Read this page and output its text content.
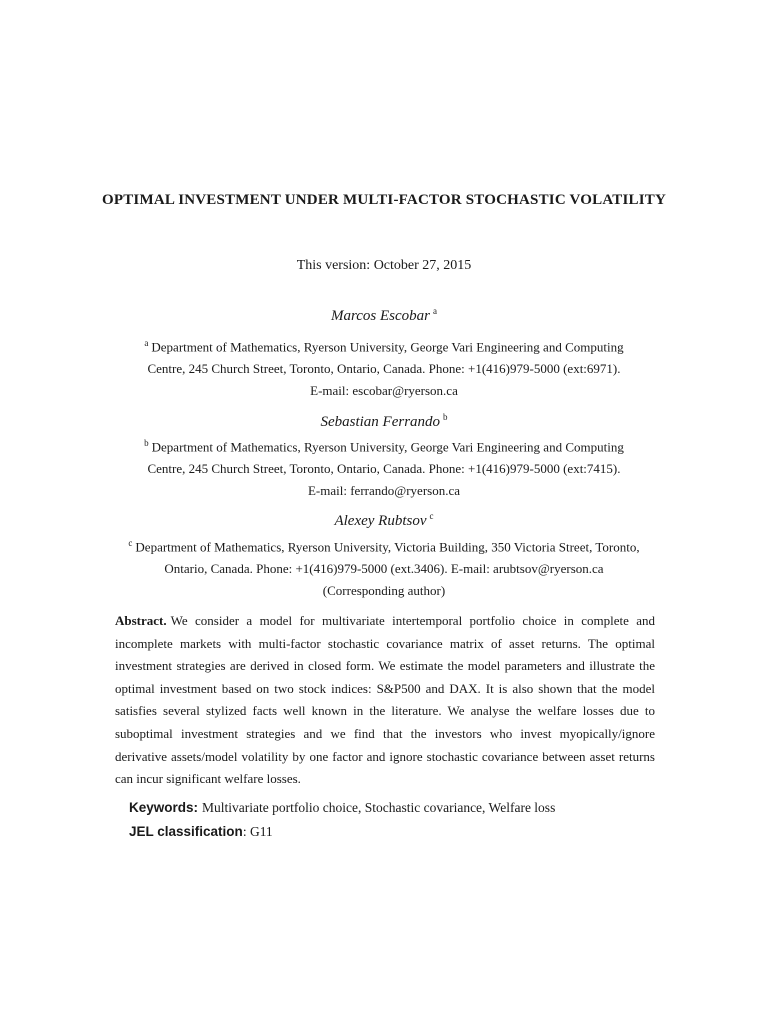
OPTIMAL INVESTMENT UNDER MULTI-FACTOR STOCHASTIC VOLATILITY
This version: October 27, 2015
Marcos Escobar $^a$
$^a$ Department of Mathematics, Ryerson University, George Vari Engineering and Computing
Centre, 245 Church Street, Toronto, Ontario, Canada. Phone: +1(416)979-5000 (ext:6971).
E-mail: escobar@ryerson.ca
Sebastian Ferrando $^b$
$^b$ Department of Mathematics, Ryerson University, George Vari Engineering and Computing
Centre, 245 Church Street, Toronto, Ontario, Canada. Phone: +1(416)979-5000 (ext:7415).
E-mail: ferrando@ryerson.ca
Alexey Rubtsov $^c$
$^c$ Department of Mathematics, Ryerson University, Victoria Building, 350 Victoria Street, Toronto,
Ontario, Canada. Phone: +1(416)979-5000 (ext.3406). E-mail: arubtsov@ryerson.ca
(Corresponding author)
Abstract. We consider a model for multivariate intertemporal portfolio choice in complete and incomplete markets with multi-factor stochastic covariance matrix of asset returns. The optimal investment strategies are derived in closed form. We estimate the model parameters and illustrate the optimal investment based on two stock indices: S&P500 and DAX. It is also shown that the model satisfies several stylized facts well known in the literature. We analyse the welfare losses due to suboptimal investment strategies and we find that the investors who invest myopically/ignore derivative assets/model volatility by one factor and ignore stochastic covariance between asset returns can incur significant welfare losses.
Keywords: Multivariate portfolio choice, Stochastic covariance, Welfare loss
JEL classification: G11
